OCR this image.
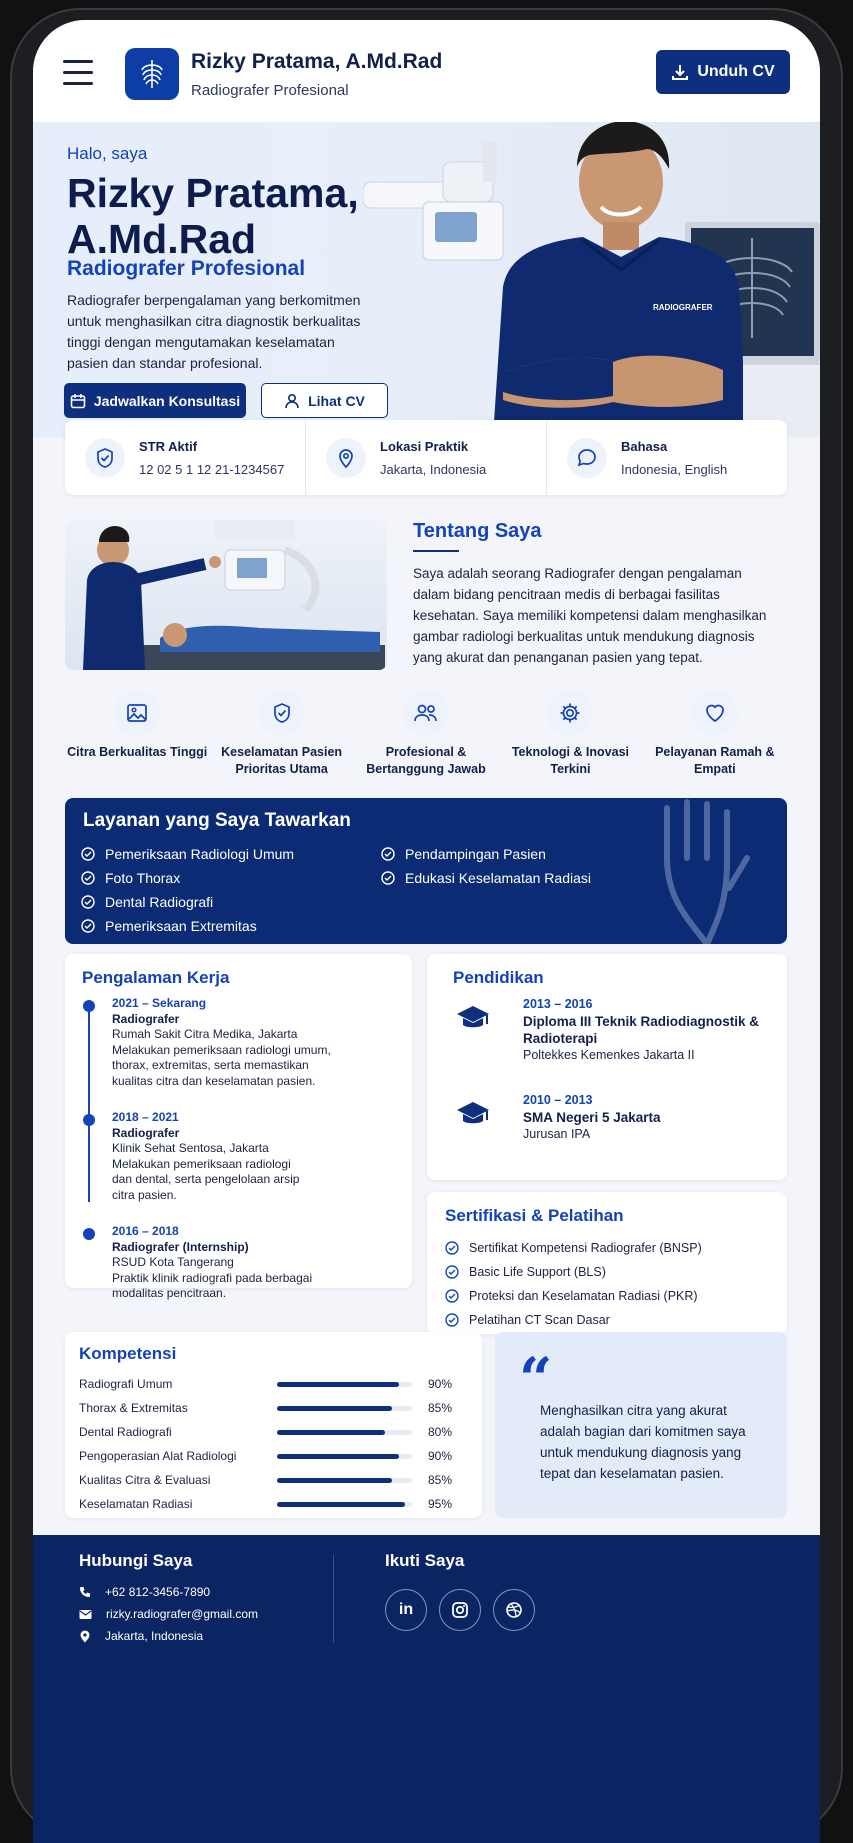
Rizky Pratama, A.Md.Rad
Radiografer Profesional
Unduh CV
RADIOGRAFER
Halo, saya
Rizky Pratama, A.Md.Rad
Radiografer Profesional
Radiografer berpengalaman yang berkomitmen untuk menghasilkan citra diagnostik berkualitas tinggi dengan mengutamakan keselamatan pasien dan standar profesional.
Jadwalkan Konsultasi	Lihat CV
STR Aktif
12 02 5 1 12 21-1234567
Lokasi Praktik
Jakarta, Indonesia
Bahasa
Indonesia, English
Tentang Saya
Saya adalah seorang Radiografer dengan pengalaman dalam bidang pencitraan medis di berbagai fasilitas kesehatan. Saya memiliki kompetensi dalam menghasilkan gambar radiologi berkualitas untuk mendukung diagnosis yang akurat dan penanganan pasien yang tepat.
Citra Berkualitas Tinggi	Keselamatan Pasien Prioritas Utama
Profesional & Bertanggung Jawab
Teknologi & Inovasi Terkini
Pelayanan Ramah & Empati
Layanan yang Saya Tawarkan
Pemeriksaan Radiologi Umum
Foto Thorax
Dental Radiografi
Pemeriksaan Extremitas
Pendampingan Pasien
Edukasi Keselamatan Radiasi
Pengalaman Kerja
2021 – Sekarang
Radiografer
Rumah Sakit Citra Medika, Jakarta
Melakukan pemeriksaan radiologi umum, thorax, extremitas, serta memastikan kualitas citra dan keselamatan pasien.
2018 – 2021
Radiografer
Klinik Sehat Sentosa, Jakarta
Melakukan pemeriksaan radiologi dan dental, serta pengelolaan arsip citra pasien.
2016 – 2018
Radiografer (Internship)
RSUD Kota Tangerang
Praktik klinik radiografi pada berbagai modalitas pencitraan.
Pendidikan
2013 – 2016
Diploma III Teknik Radiodiagnostik & Radioterapi
Poltekkes Kemenkes Jakarta II
2010 – 2013
SMA Negeri 5 Jakarta
Jurusan IPA
Sertifikasi & Pelatihan
Sertifikat Kompetensi Radiografer (BNSP)
Basic Life Support (BLS)
Proteksi dan Keselamatan Radiasi (PKR)
Pelatihan CT Scan Dasar
Kompetensi
Radiografi Umum	90%
Thorax & Extremitas	85%
Dental Radiografi	80%
Pengoperasian Alat Radiologi	90%
Kualitas Citra & Evaluasi	85%
Keselamatan Radiasi	95%
“
Menghasilkan citra yang akurat adalah bagian dari komitmen saya untuk mendukung diagnosis yang tepat dan keselamatan pasien.
Hubungi Saya
+62 812-3456-7890
rizky.radiografer@gmail.com
Jakarta, Indonesia
Ikuti Saya
in
